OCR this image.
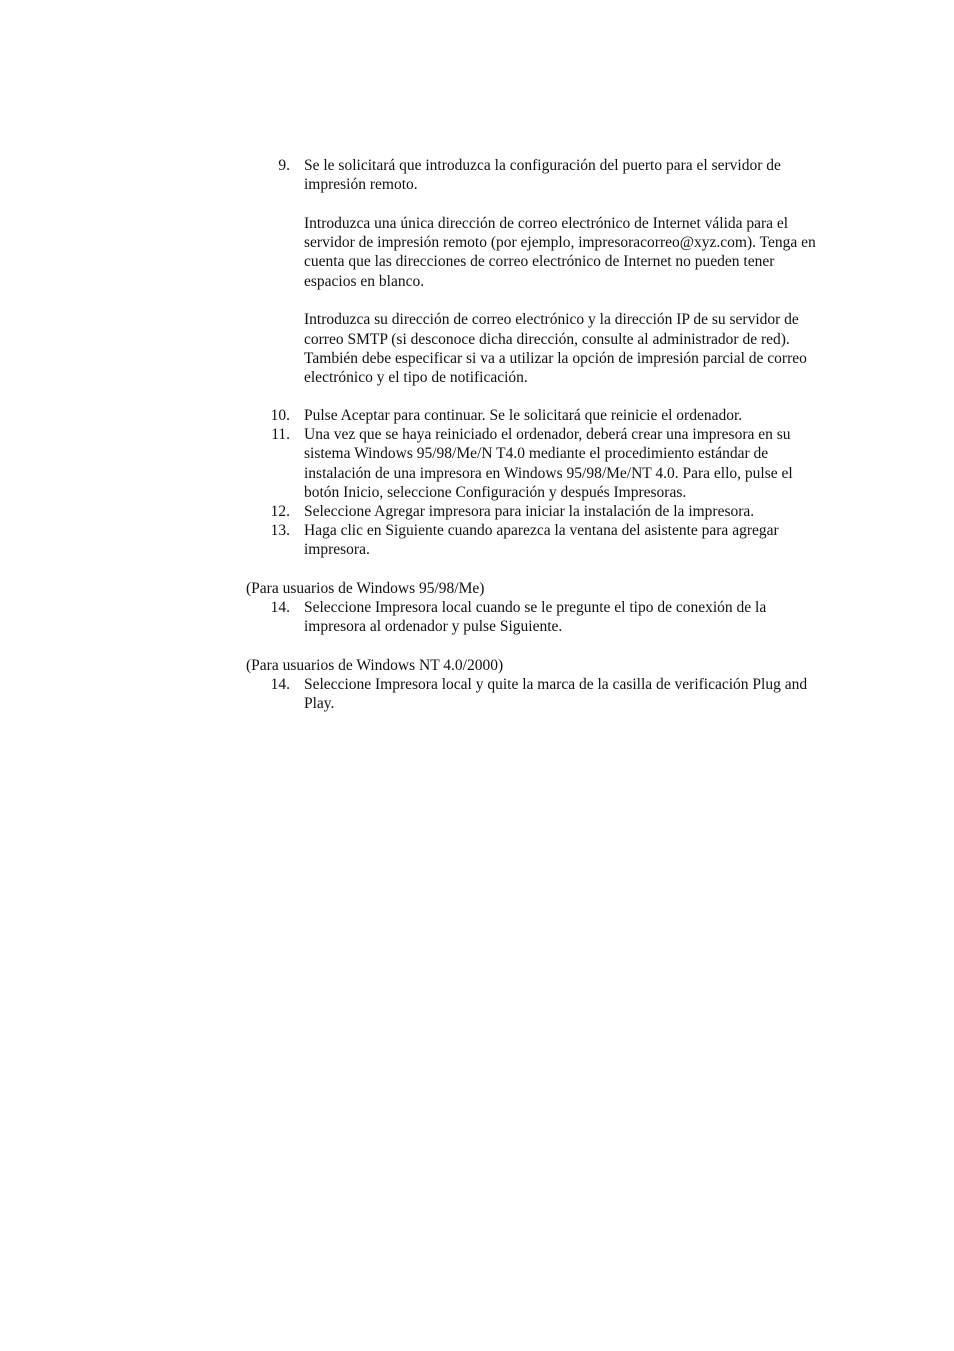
9. Se le solicitará que introduzca la configuración del puerto para el servidor de impresión remoto.

Introduzca una única dirección de correo electrónico de Internet válida para el servidor de impresión remoto (por ejemplo, impresoracorreo@xyz.com). Tenga en cuenta que las direcciones de correo electrónico de Internet no pueden tener espacios en blanco.

Introduzca su dirección de correo electrónico y la dirección IP de su servidor de correo SMTP (si desconoce dicha dirección, consulte al administrador de red). También debe especificar si va a utilizar la opción de impresión parcial de correo electrónico y el tipo de notificación.

10. Pulse Aceptar para continuar. Se le solicitará que reinicie el ordenador.
11. Una vez que se haya reiniciado el ordenador, deberá crear una impresora en su sistema Windows 95/98/Me/N T4.0 mediante el procedimiento estándar de instalación de una impresora en Windows 95/98/Me/NT 4.0. Para ello, pulse el botón Inicio, seleccione Configuración y después Impresoras.
12. Seleccione Agregar impresora para iniciar la instalación de la impresora.
13. Haga clic en Siguiente cuando aparezca la ventana del asistente para agregar impresora.
(Para usuarios de Windows 95/98/Me)
14. Seleccione Impresora local cuando se le pregunte el tipo de conexión de la impresora al ordenador y pulse Siguiente.
(Para usuarios de Windows NT 4.0/2000)
14. Seleccione Impresora local y quite la marca de la casilla de verificación Plug and Play.
